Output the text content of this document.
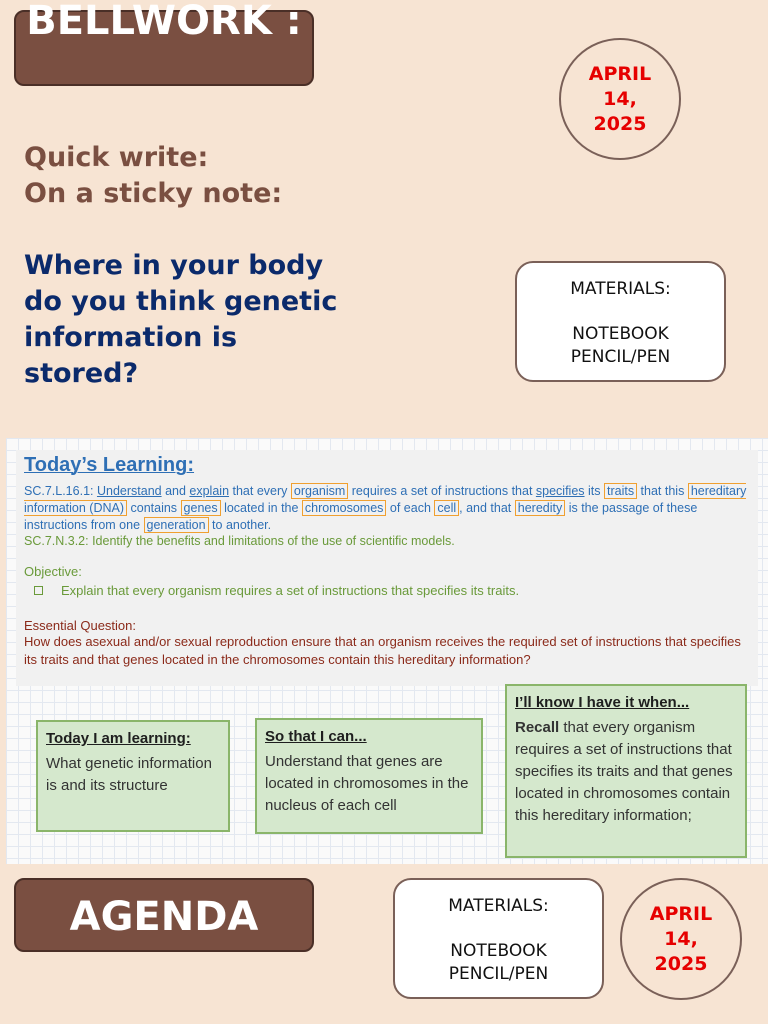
BELLWORK :
APRIL
14,
2025
Quick write:
On a sticky note:
Where in your body do you think genetic information is stored?
MATERIALS:
NOTEBOOK
PENCIL/PEN
Today’s Learning:
SC.7.L.16.1: Understand and explain that every organism requires a set of instructions that specifies its traits that this hereditary information (DNA) contains genes located in the chromosomes of each cell , and that heredity is the passage of these instructions from one generation to another.
SC.7.N.3.2: Identify the benefits and limitations of the use of scientific models.
Objective:
Explain that every organism requires a set of instructions that specifies its traits.
Essential Question:
How does asexual and/or sexual reproduction ensure that an organism receives the required set of instructions that specifies its traits and that genes located in the chromosomes contain this hereditary information?
Today I am learning:

What genetic information is and its structure

So that I can...

Understand that genes are located in chromosomes in the nucleus of each cell

I’ll know I have it when...

Recall that every organism requires a set of instructions that specifies its traits and that genes located in chromosomes contain this hereditary information;

AGENDA	MATERIALS:
NOTEBOOK
PENCIL/PEN
APRIL
14,
2025
